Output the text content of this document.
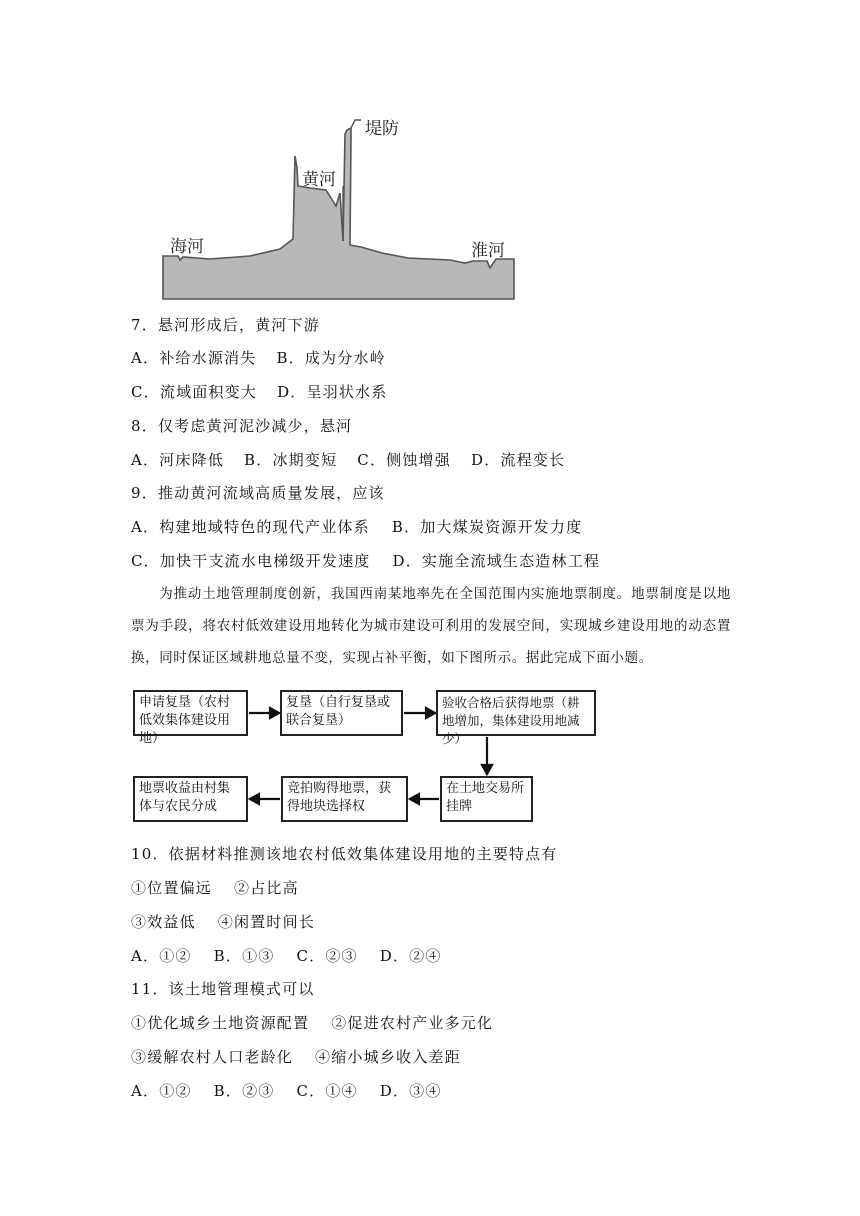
堤防
黄河
海河	淮河
7．悬河形成后，黄河下游
A．补给水源消失 B．成为分水岭
C．流域面积变大 D．呈羽状水系
8．仅考虑黄河泥沙减少，悬河
A．河床降低 B．冰期变短 C．侧蚀增强 D．流程变长
9．推动黄河流域高质量发展，应该
A．构建地域特色的现代产业体系 B．加大煤炭资源开发力度
C．加快干支流水电梯级开发速度 D．实施全流域生态造林工程
为推动土地管理制度创新，我国西南某地率先在全国范围内实施地票制度。地票制度是以地票为手段，将农村低效建设用地转化为城市建设可利用的发展空间，实现城乡建设用地的动态置换，同时保证区域耕地总量不变，实现占补平衡，如下图所示。据此完成下面小题。
申请复垦（农村低效集体建设用地）
复垦（自行复垦或联合复垦）
验收合格后获得地票（耕地增加，集体建设用地减少）
在土地交易所挂牌
竞拍购得地票，获得地块选择权
地票收益由村集体与农民分成
10．依据材料推测该地农村低效集体建设用地的主要特点有
①位置偏远 ②占比高
③效益低 ④闲置时间长
A．①② B．①③ C．②③ D．②④
11．该土地管理模式可以
①优化城乡土地资源配置 ②促进农村产业多元化
③缓解农村人口老龄化 ④缩小城乡收入差距
A．①② B．②③ C．①④ D．③④
